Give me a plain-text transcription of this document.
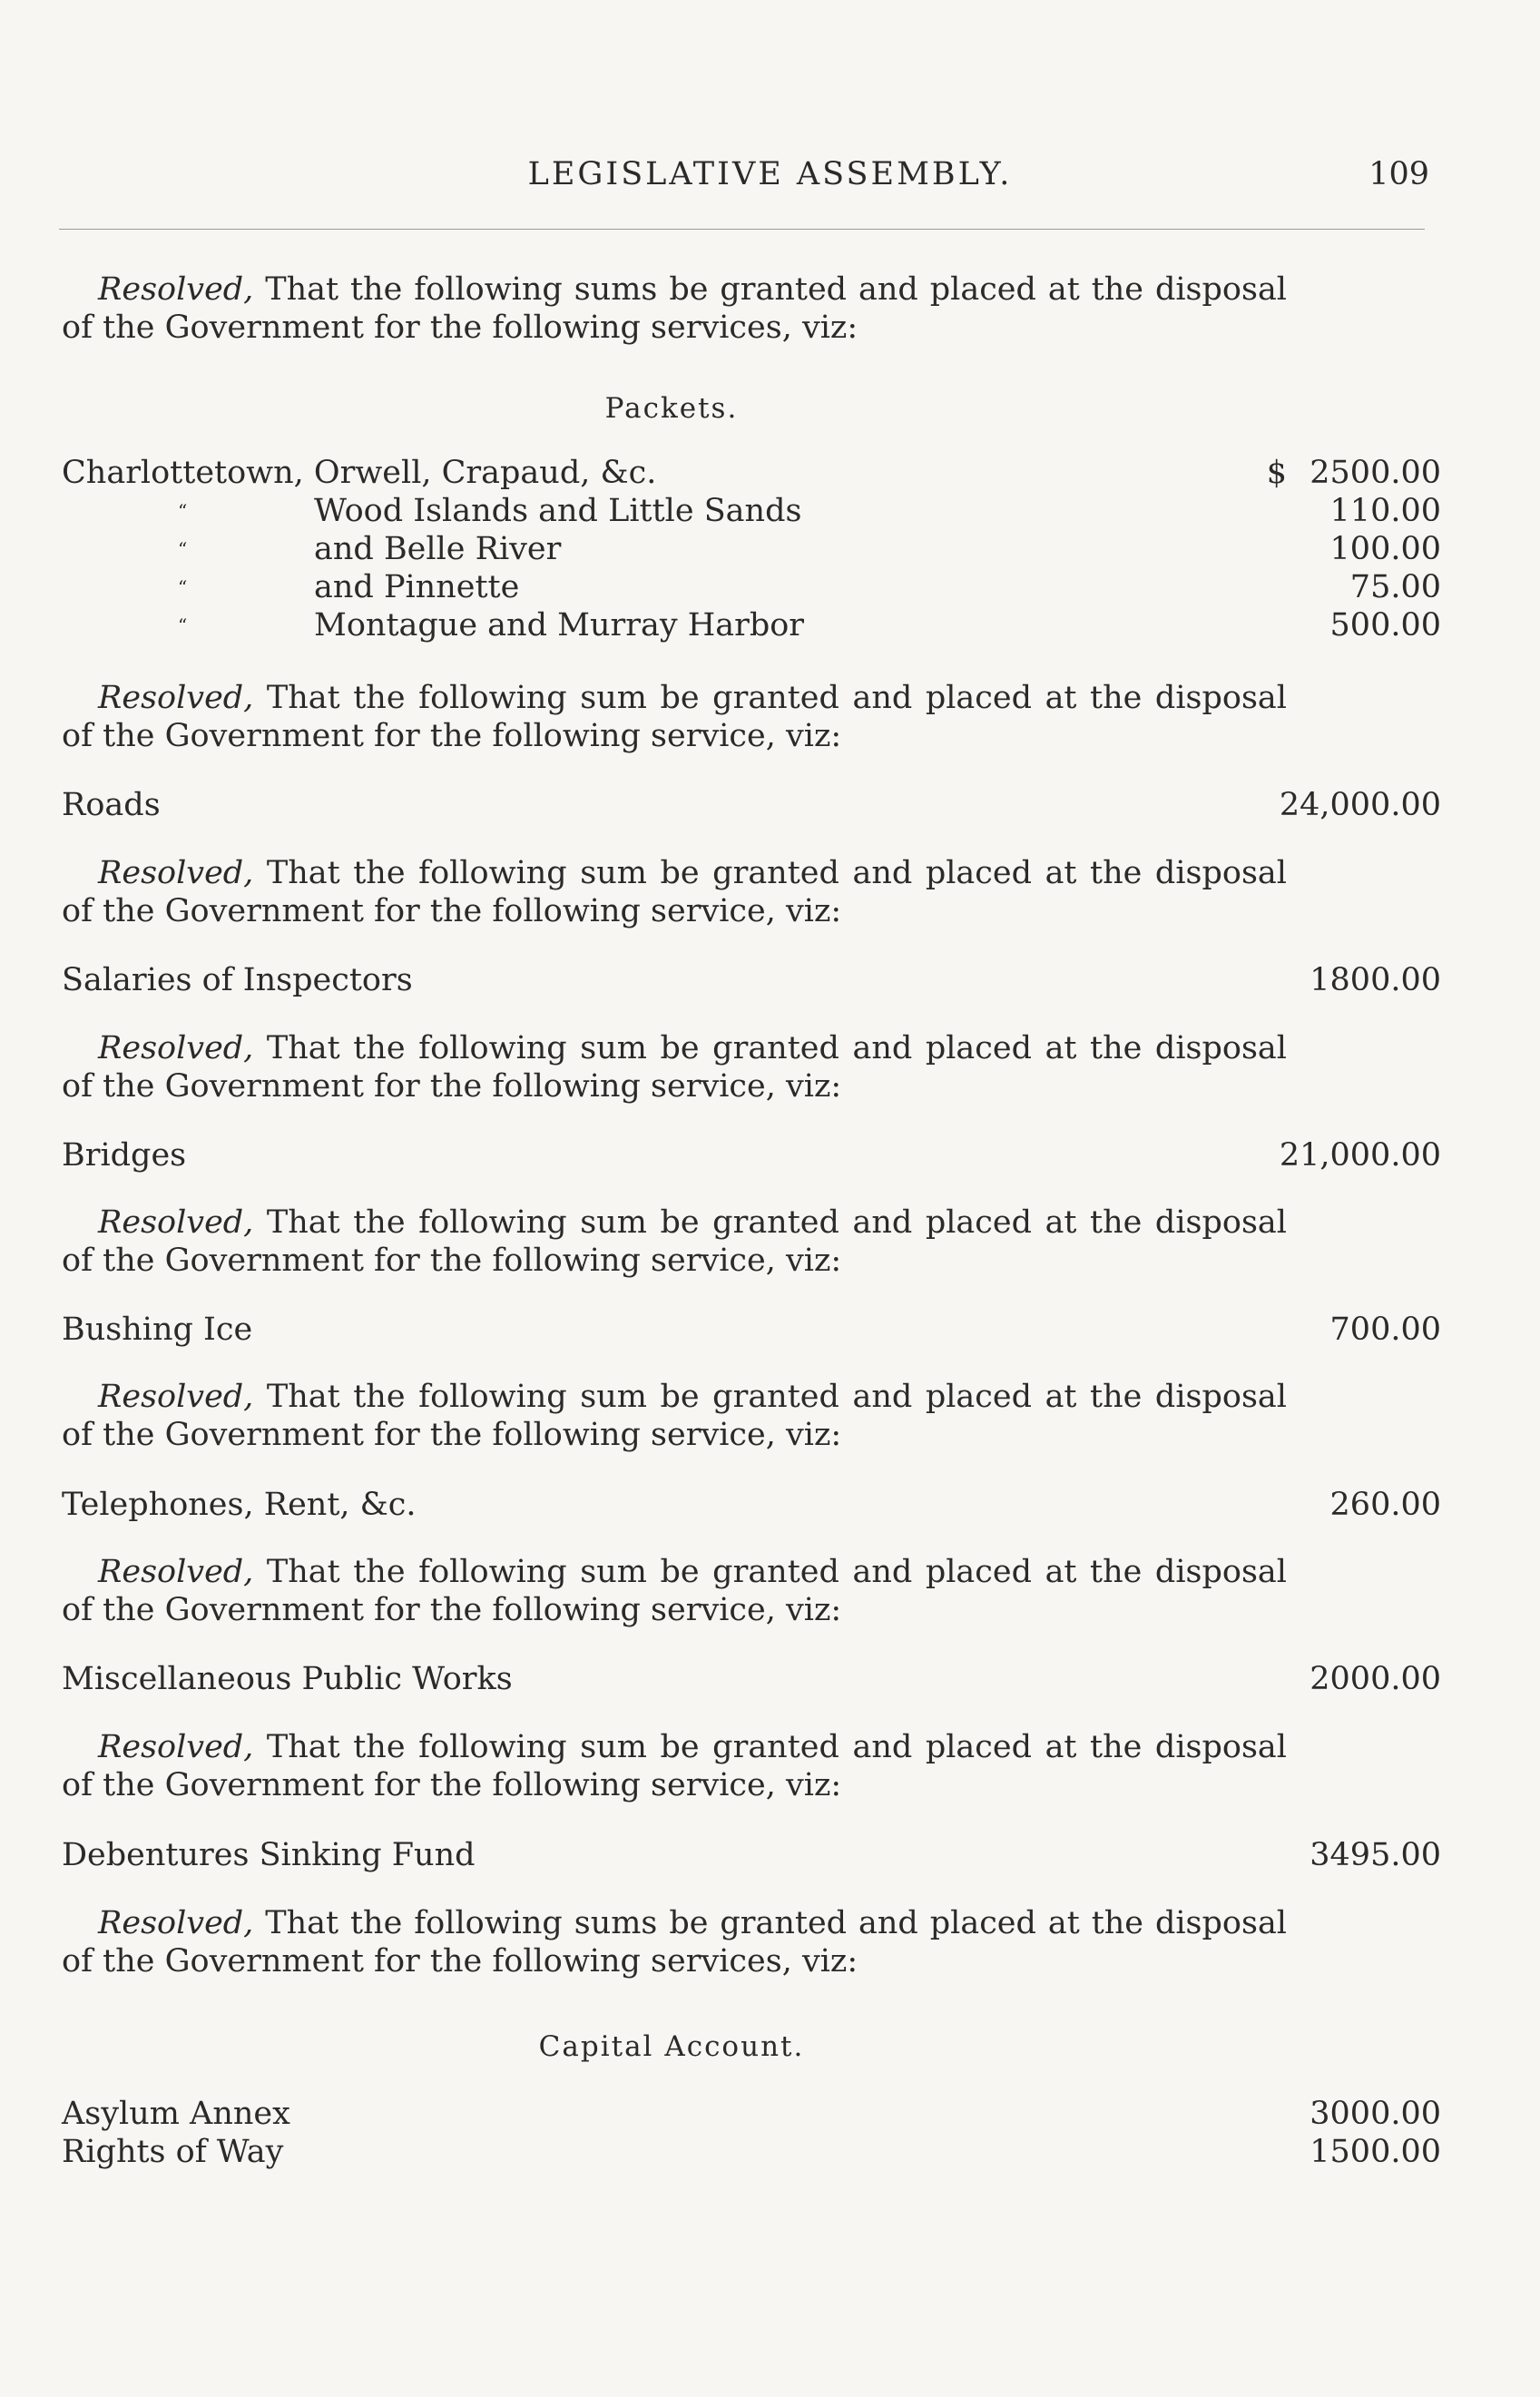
LEGISLATIVE ASSEMBLY.	109

Resolved, That the following sums be granted and placed at the disposal of the Government for the following services, viz:

Packets.
Charlottetown, Orwell, Crapaud, &c.	$ 2500.00
“	Wood Islands and Little Sands	110.00
“	and Belle River	100.00
“	and Pinnette	75.00
“	Montague and Murray Harbor	500.00

Resolved, That the following sum be granted and placed at the disposal of the Government for the following service, viz:

Roads	24,000.00

Resolved, That the following sum be granted and placed at the disposal of the Government for the following service, viz:

Salaries of Inspectors	1800.00

Resolved, That the following sum be granted and placed at the disposal of the Government for the following service, viz:

Bridges	21,000.00

Resolved, That the following sum be granted and placed at the disposal of the Government for the following service, viz:

Bushing Ice	700.00

Resolved, That the following sum be granted and placed at the disposal of the Government for the following service, viz:

Telephones, Rent, &c.	260.00

Resolved, That the following sum be granted and placed at the disposal of the Government for the following service, viz:

Miscellaneous Public Works	2000.00

Resolved, That the following sum be granted and placed at the disposal of the Government for the following service, viz:

Debentures Sinking Fund	3495.00

Resolved, That the following sums be granted and placed at the disposal of the Government for the following services, viz:

Capital Account.
Asylum Annex	3000.00
Rights of Way	1500.00
